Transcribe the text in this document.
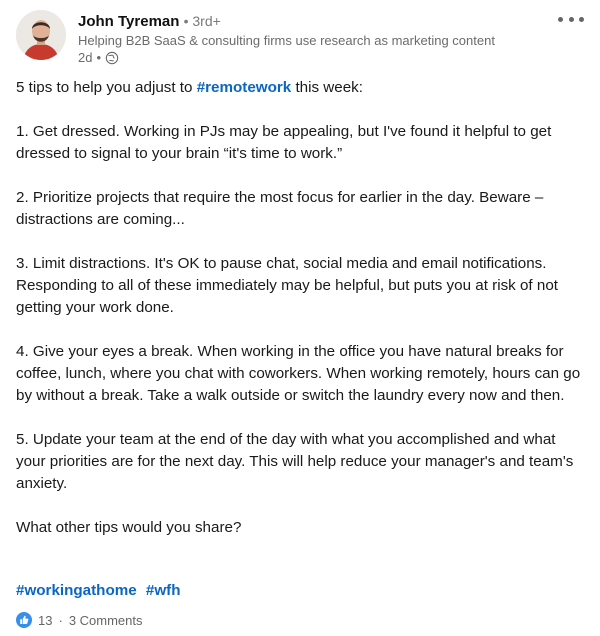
John Tyreman • 3rd+
Helping B2B SaaS & consulting firms use research as marketing content
2d •

5 tips to help you adjust to #remotework this week:

1. Get dressed. Working in PJs may be appealing, but I've found it helpful to get dressed to signal to your brain “it's time to work.”

2. Prioritize projects that require the most focus for earlier in the day. Beware – distractions are coming...

3. Limit distractions. It's OK to pause chat, social media and email notifications. Responding to all of these immediately may be helpful, but puts you at risk of not getting your work done.

4. Give your eyes a break. When working in the office you have natural breaks for coffee, lunch, where you chat with coworkers. When working remotely, hours can go by without a break. Take a walk outside or switch the laundry every now and then.

5. Update your team at the end of the day with what you accomplished and what your priorities are for the next day. This will help reduce your manager's and team's anxiety.

What other tips would you share?

#workingathome #wfh
13 · 3 Comments
